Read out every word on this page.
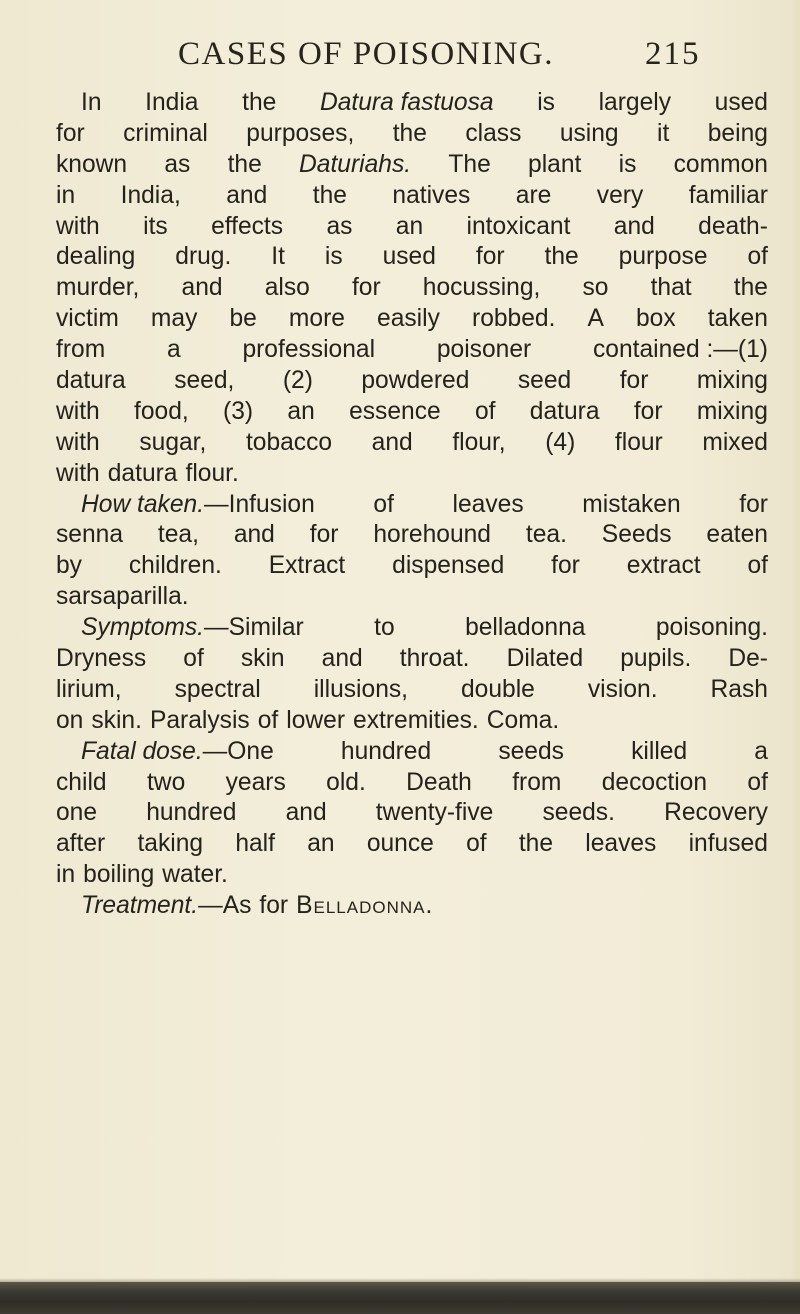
CASES OF POISONING.	215
In India the Datura fastuosa is largely used
for criminal purposes, the class using it being
known as the Daturiahs. The plant is common
in India, and the natives are very familiar
with its effects as an intoxicant and death-
dealing drug. It is used for the purpose of
murder, and also for hocussing, so that the
victim may be more easily robbed. A box taken
from	a	professional	poisoner	contained :—(1)
datura seed, (2) powdered seed for mixing
with food, (3) an essence of datura for mixing
with sugar, tobacco and flour, (4) flour mixed
with datura flour.
How taken.—Infusion of leaves mistaken for
senna tea, and for horehound tea. Seeds eaten
by children. Extract dispensed for extract of
sarsaparilla.
Symptoms.—Similar	to	belladonna	poisoning.
Dryness of skin and throat. Dilated pupils. De-
lirium, spectral illusions, double vision. Rash
on skin. Paralysis of lower extremities. Coma.
Fatal dose.—One	hundred	seeds	killed	a
child two years old. Death from decoction of
one hundred and twenty-five seeds. Recovery
after taking half an ounce of the leaves infused
in boiling water.
Treatment.—As for Belladonna.
